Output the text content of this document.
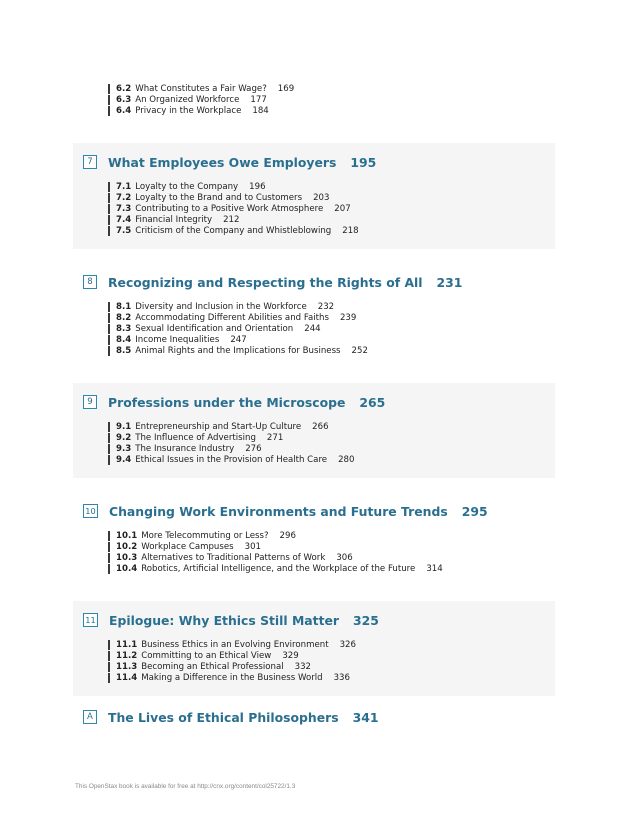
6.2 What Constitutes a Fair Wage? 169
6.3 An Organized Workforce 177
6.4 Privacy in the Workplace 184
7	What Employees Owe Employers 195
7.1 Loyalty to the Company 196
7.2 Loyalty to the Brand and to Customers 203
7.3 Contributing to a Positive Work Atmosphere 207
7.4 Financial Integrity 212
7.5 Criticism of the Company and Whistleblowing 218
8	Recognizing and Respecting the Rights of All 231
8.1 Diversity and Inclusion in the Workforce 232
8.2 Accommodating Different Abilities and Faiths 239
8.3 Sexual Identification and Orientation 244
8.4 Income Inequalities 247
8.5 Animal Rights and the Implications for Business 252
9	Professions under the Microscope 265
9.1 Entrepreneurship and Start-Up Culture 266
9.2 The Influence of Advertising 271
9.3 The Insurance Industry 276
9.4 Ethical Issues in the Provision of Health Care 280
10 Changing Work Environments and Future Trends 295
10.1 More Telecommuting or Less? 296
10.2 Workplace Campuses 301
10.3 Alternatives to Traditional Patterns of Work 306
10.4 Robotics, Artificial Intelligence, and the Workplace of the Future 314
11 Epilogue: Why Ethics Still Matter 325
11.1 Business Ethics in an Evolving Environment 326
11.2 Committing to an Ethical View 329
11.3 Becoming an Ethical Professional 332
11.4 Making a Difference in the Business World 336
A	The Lives of Ethical Philosophers 341
This OpenStax book is available for free at http://cnx.org/content/col25722/1.3
